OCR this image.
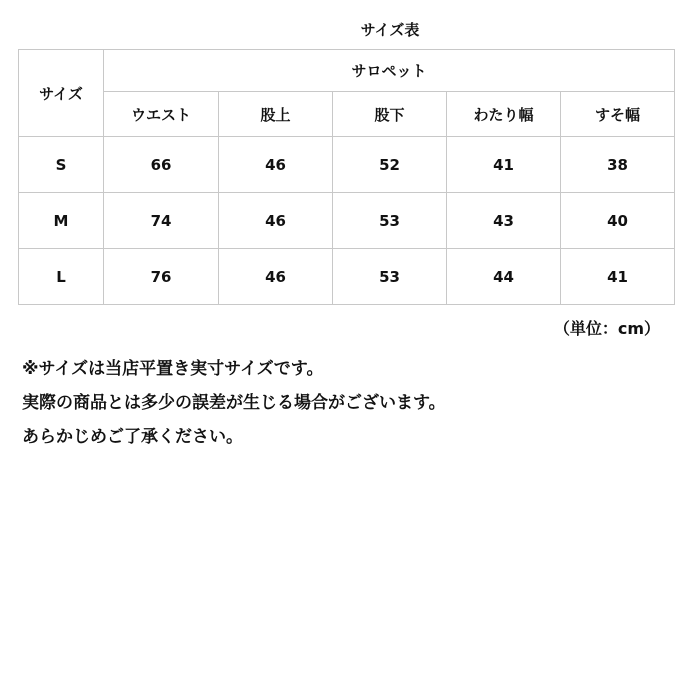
サイズ表
サイズ	サロペット				
	ウエスト	股上	股下	わたり幅	すそ幅
S	66	46	52	41	38
M	74	46	53	43	40
L	76	46	53	44	41
（単位：cm）
※サイズは当店平置き実寸サイズです。
実際の商品とは多少の誤差が生じる場合がございます。
あらかじめご了承ください。
